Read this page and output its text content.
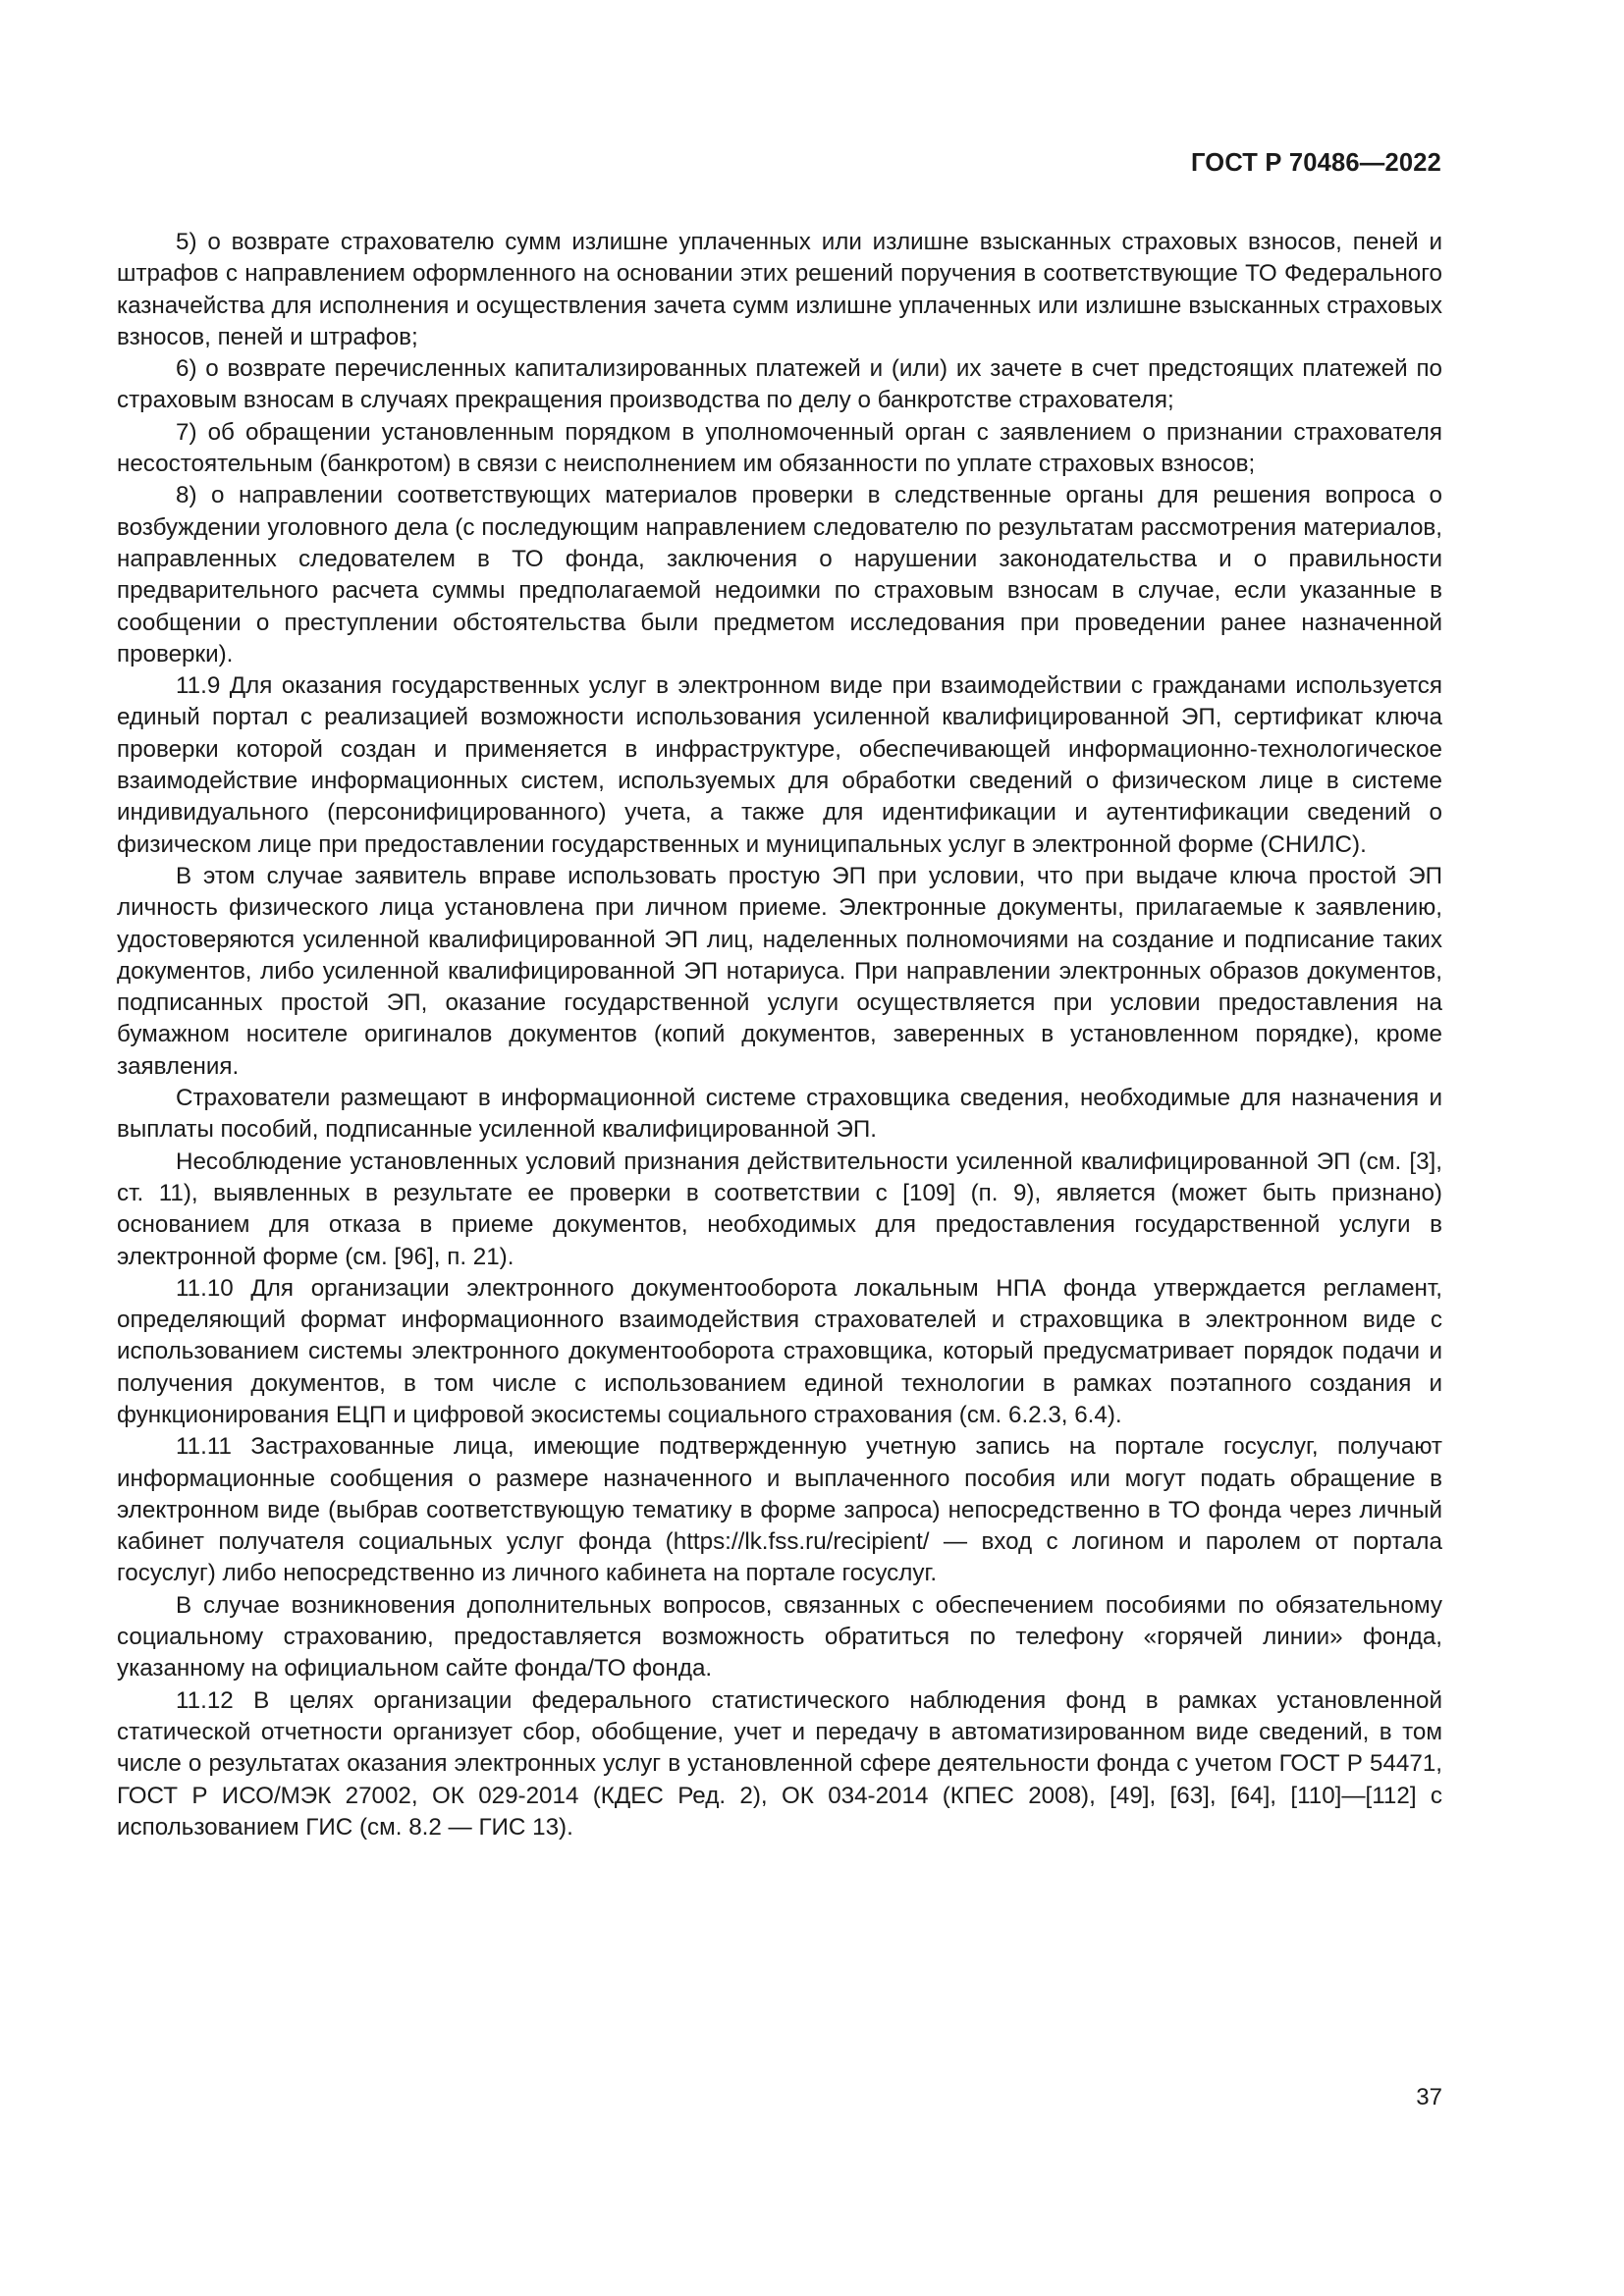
ГОСТ Р 70486—2022

5) о возврате страхователю сумм излишне уплаченных или излишне взысканных страховых взносов, пеней и штрафов с направлением оформленного на основании этих решений поручения в соответствующие ТО Федерального казначейства для исполнения и осуществления зачета сумм излишне уплаченных или излишне взысканных страховых взносов, пеней и штрафов;

6) о возврате перечисленных капитализированных платежей и (или) их зачете в счет предстоящих платежей по страховым взносам в случаях прекращения производства по делу о банкротстве страхователя;

7) об обращении установленным порядком в уполномоченный орган с заявлением о признании страхователя несостоятельным (банкротом) в связи с неисполнением им обязанности по уплате страховых взносов;

8) о направлении соответствующих материалов проверки в следственные органы для решения вопроса о возбуждении уголовного дела (с последующим направлением следователю по результатам рассмотрения материалов, направленных следователем в ТО фонда, заключения о нарушении законодательства и о правильности предварительного расчета суммы предполагаемой недоимки по страховым взносам в случае, если указанные в сообщении о преступлении обстоятельства были предметом исследования при проведении ранее назначенной проверки).

11.9 Для оказания государственных услуг в электронном виде при взаимодействии с гражданами используется единый портал с реализацией возможности использования усиленной квалифицированной ЭП, сертификат ключа проверки которой создан и применяется в инфраструктуре, обеспечивающей информационно-технологическое взаимодействие информационных систем, используемых для обработки сведений о физическом лице в системе индивидуального (персонифицированного) учета, а также для идентификации и аутентификации сведений о физическом лице при предоставлении государственных и муниципальных услуг в электронной форме (СНИЛС).

В этом случае заявитель вправе использовать простую ЭП при условии, что при выдаче ключа простой ЭП личность физического лица установлена при личном приеме. Электронные документы, прилагаемые к заявлению, удостоверяются усиленной квалифицированной ЭП лиц, наделенных полномочиями на создание и подписание таких документов, либо усиленной квалифицированной ЭП нотариуса. При направлении электронных образов документов, подписанных простой ЭП, оказание государственной услуги осуществляется при условии предоставления на бумажном носителе оригиналов документов (копий документов, заверенных в установленном порядке), кроме заявления.

Страхователи размещают в информационной системе страховщика сведения, необходимые для назначения и выплаты пособий, подписанные усиленной квалифицированной ЭП.

Несоблюдение установленных условий признания действительности усиленной квалифицированной ЭП (см. [3], ст. 11), выявленных в результате ее проверки в соответствии с [109] (п. 9), является (может быть признано) основанием для отказа в приеме документов, необходимых для предоставления государственной услуги в электронной форме (см. [96], п. 21).

11.10 Для организации электронного документооборота локальным НПА фонда утверждается регламент, определяющий формат информационного взаимодействия страхователей и страховщика в электронном виде с использованием системы электронного документооборота страховщика, который предусматривает порядок подачи и получения документов, в том числе с использованием единой технологии в рамках поэтапного создания и функционирования ЕЦП и цифровой экосистемы социального страхования (см. 6.2.3, 6.4).

11.11 Застрахованные лица, имеющие подтвержденную учетную запись на портале госуслуг, получают информационные сообщения о размере назначенного и выплаченного пособия или могут подать обращение в электронном виде (выбрав соответствующую тематику в форме запроса) непосредственно в ТО фонда через личный кабинет получателя социальных услуг фонда (https://lk.fss.ru/recipient/ — вход с логином и паролем от портала госуслуг) либо непосредственно из личного кабинета на портале госуслуг.

В случае возникновения дополнительных вопросов, связанных с обеспечением пособиями по обязательному социальному страхованию, предоставляется возможность обратиться по телефону «горячей линии» фонда, указанному на официальном сайте фонда/ТО фонда.

11.12 В целях организации федерального статистического наблюдения фонд в рамках установленной статической отчетности организует сбор, обобщение, учет и передачу в автоматизированном виде сведений, в том числе о результатах оказания электронных услуг в установленной сфере деятельности фонда с учетом ГОСТ Р 54471, ГОСТ Р ИСО/МЭК 27002, ОК 029-2014 (КДЕС Ред. 2), ОК 034-2014 (КПЕС 2008), [49], [63], [64], [110]—[112] с использованием ГИС (см. 8.2 — ГИС 13).

37
